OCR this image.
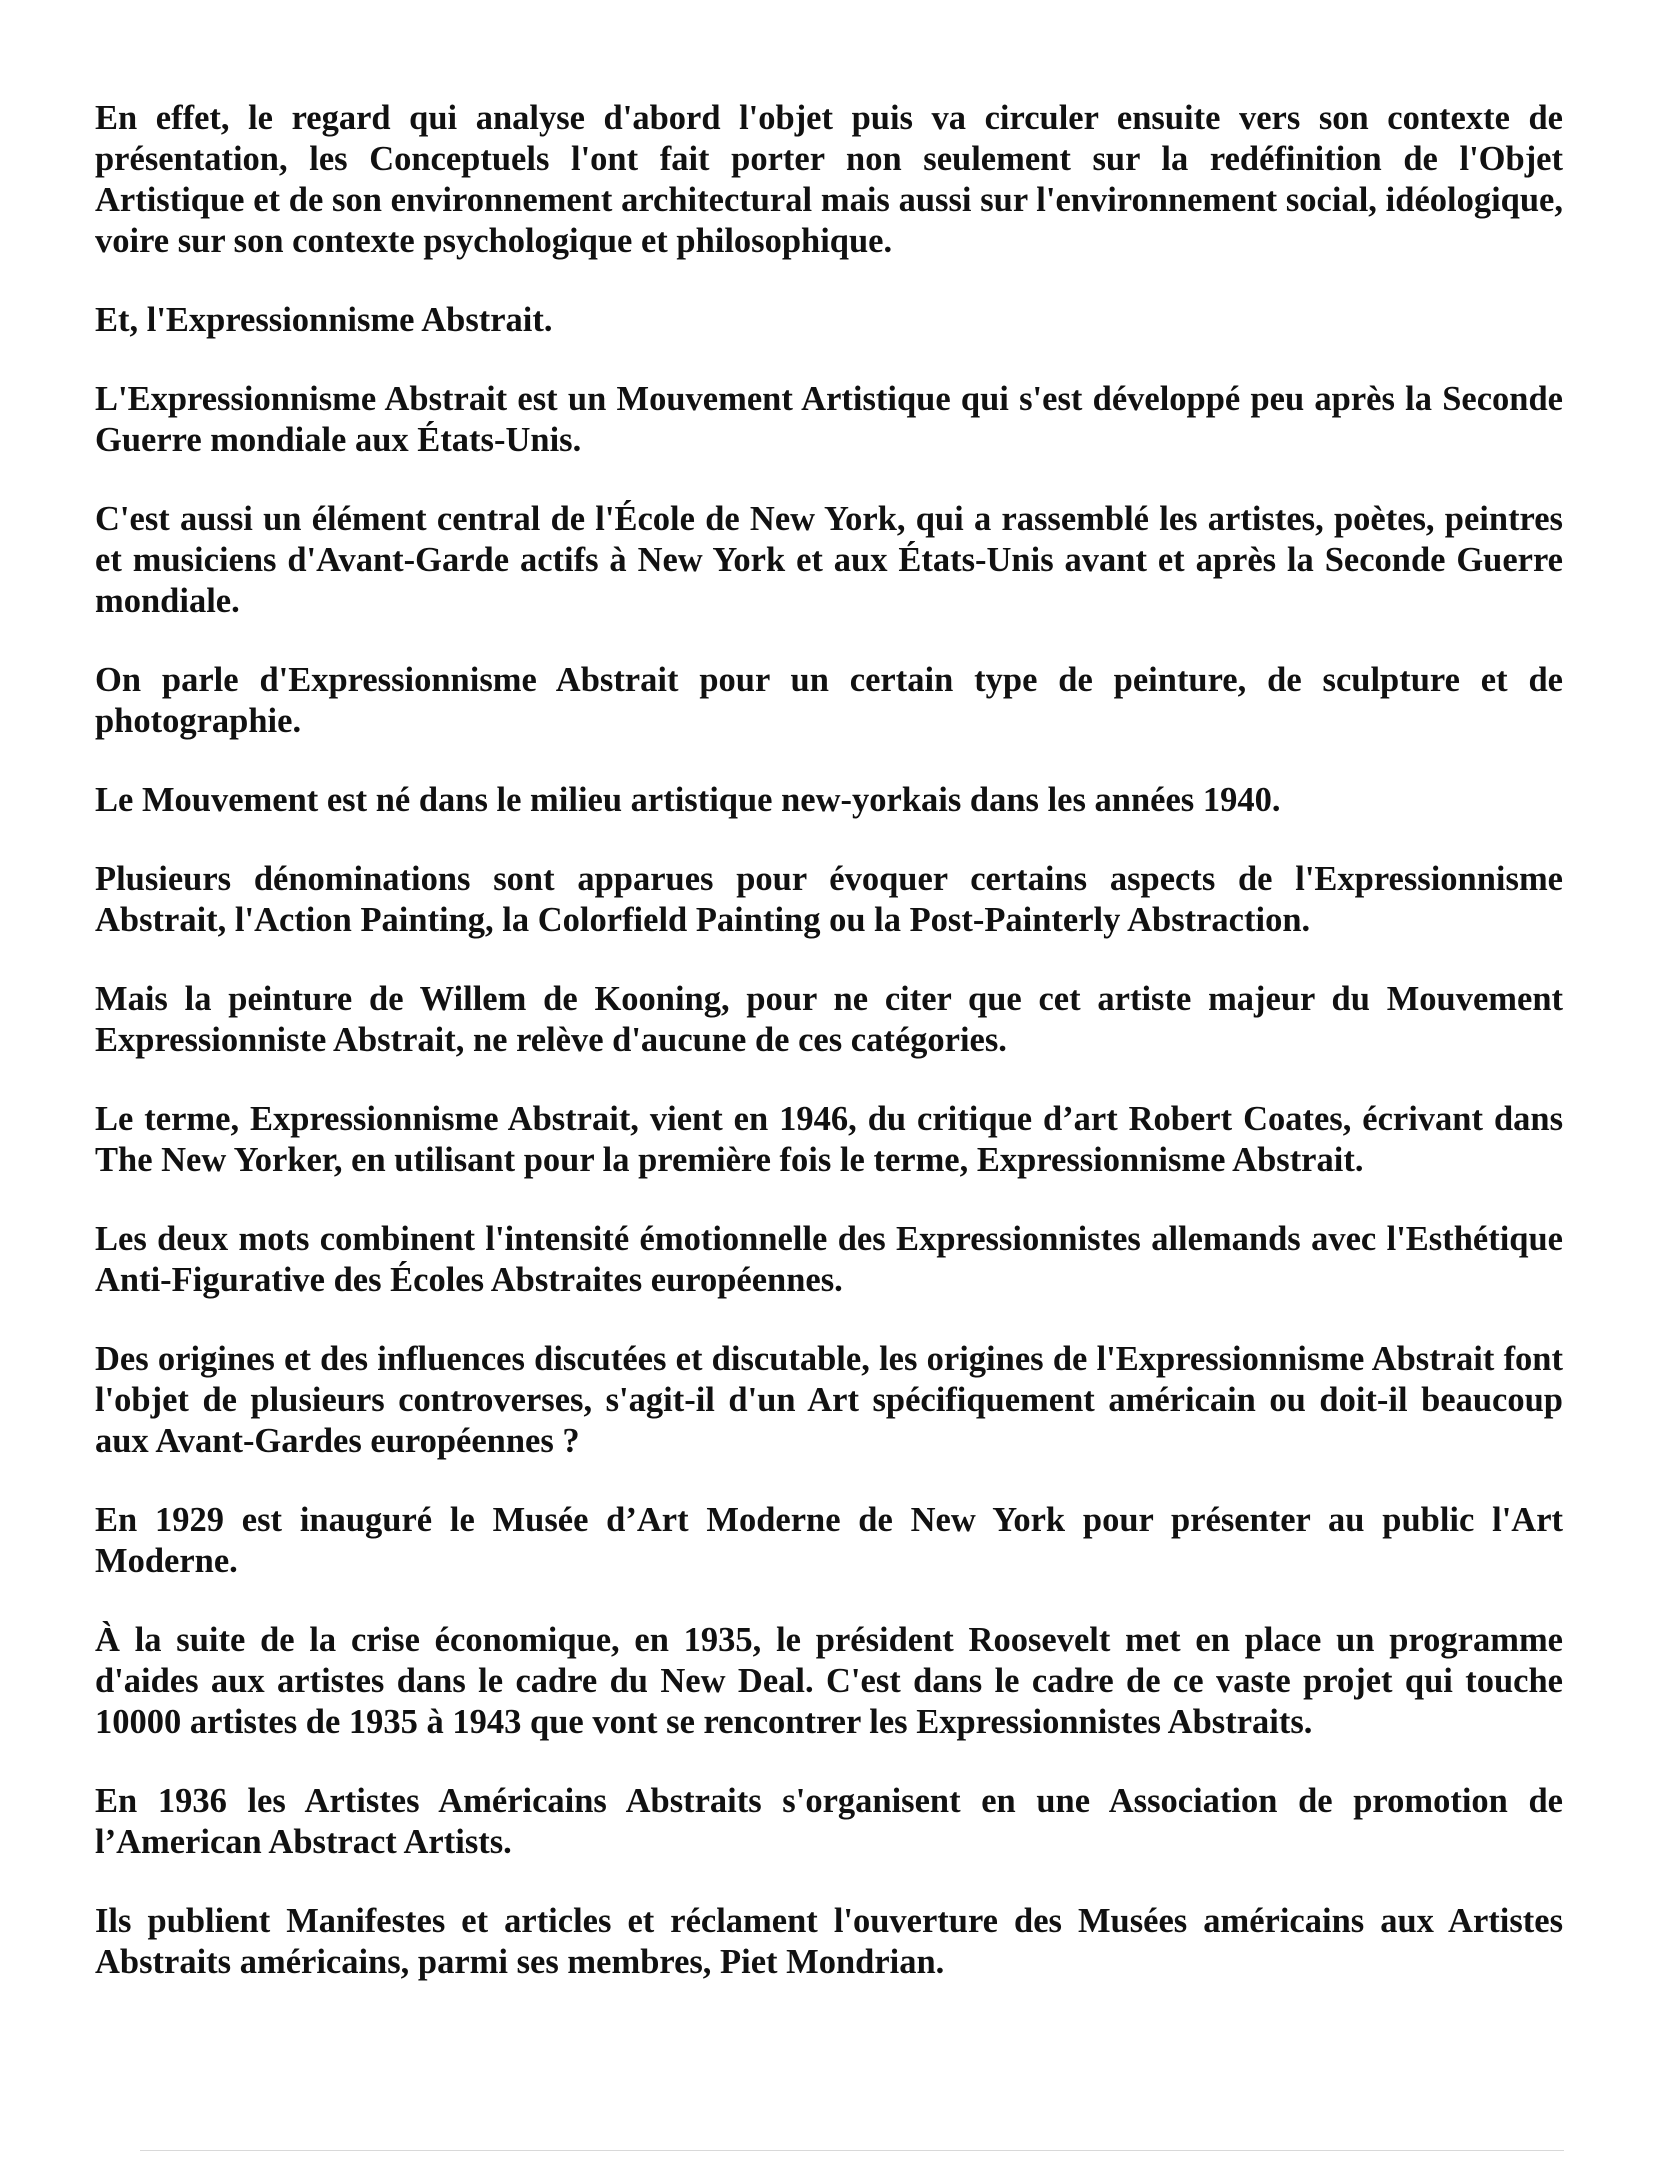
En effet, le regard qui analyse d'abord l'objet puis va circuler ensuite vers son contexte de présentation, les Conceptuels l'ont fait porter non seulement sur la redéfinition de l'Objet Artistique et de son environnement architectural mais aussi sur l'environnement social, idéologique, voire sur son contexte psychologique et philosophique.

Et, l'Expressionnisme Abstrait.

L'Expressionnisme Abstrait est un Mouvement Artistique qui s'est développé peu après la Seconde Guerre mondiale aux États-Unis.

C'est aussi un élément central de l'École de New York, qui a rassemblé les artistes, poètes, peintres et musiciens d'Avant-Garde actifs à New York et aux États-Unis avant et après la Seconde Guerre mondiale.

On parle d'Expressionnisme Abstrait pour un certain type de peinture, de sculpture et de photographie.

Le Mouvement est né dans le milieu artistique new-yorkais dans les années 1940.

Plusieurs dénominations sont apparues pour évoquer certains aspects de l'Expressionnisme Abstrait, l'Action Painting, la Colorfield Painting ou la Post-Painterly Abstraction.

Mais la peinture de Willem de Kooning, pour ne citer que cet artiste majeur du Mouvement Expressionniste Abstrait, ne relève d'aucune de ces catégories.

Le terme, Expressionnisme Abstrait, vient en 1946, du critique d’art Robert Coates, écrivant dans The New Yorker, en utilisant pour la première fois le terme, Expressionnisme Abstrait.

Les deux mots combinent l'intensité émotionnelle des Expressionnistes allemands avec l'Esthétique Anti-Figurative des Écoles Abstraites européennes.

Des origines et des influences discutées et discutable, les origines de l'Expressionnisme Abstrait font l'objet de plusieurs controverses, s'agit-il d'un Art spécifiquement américain ou doit-il beaucoup aux Avant-Gardes européennes ?

En 1929 est inauguré le Musée d’Art Moderne de New York pour présenter au public l'Art Moderne.

À la suite de la crise économique, en 1935, le président Roosevelt met en place un programme d'aides aux artistes dans le cadre du New Deal. C'est dans le cadre de ce vaste projet qui touche 10000 artistes de 1935 à 1943 que vont se rencontrer les Expressionnistes Abstraits.

En 1936 les Artistes Américains Abstraits s'organisent en une Association de promotion de l’American Abstract Artists.

Ils publient Manifestes et articles et réclament l'ouverture des Musées américains aux Artistes Abstraits américains, parmi ses membres, Piet Mondrian.
